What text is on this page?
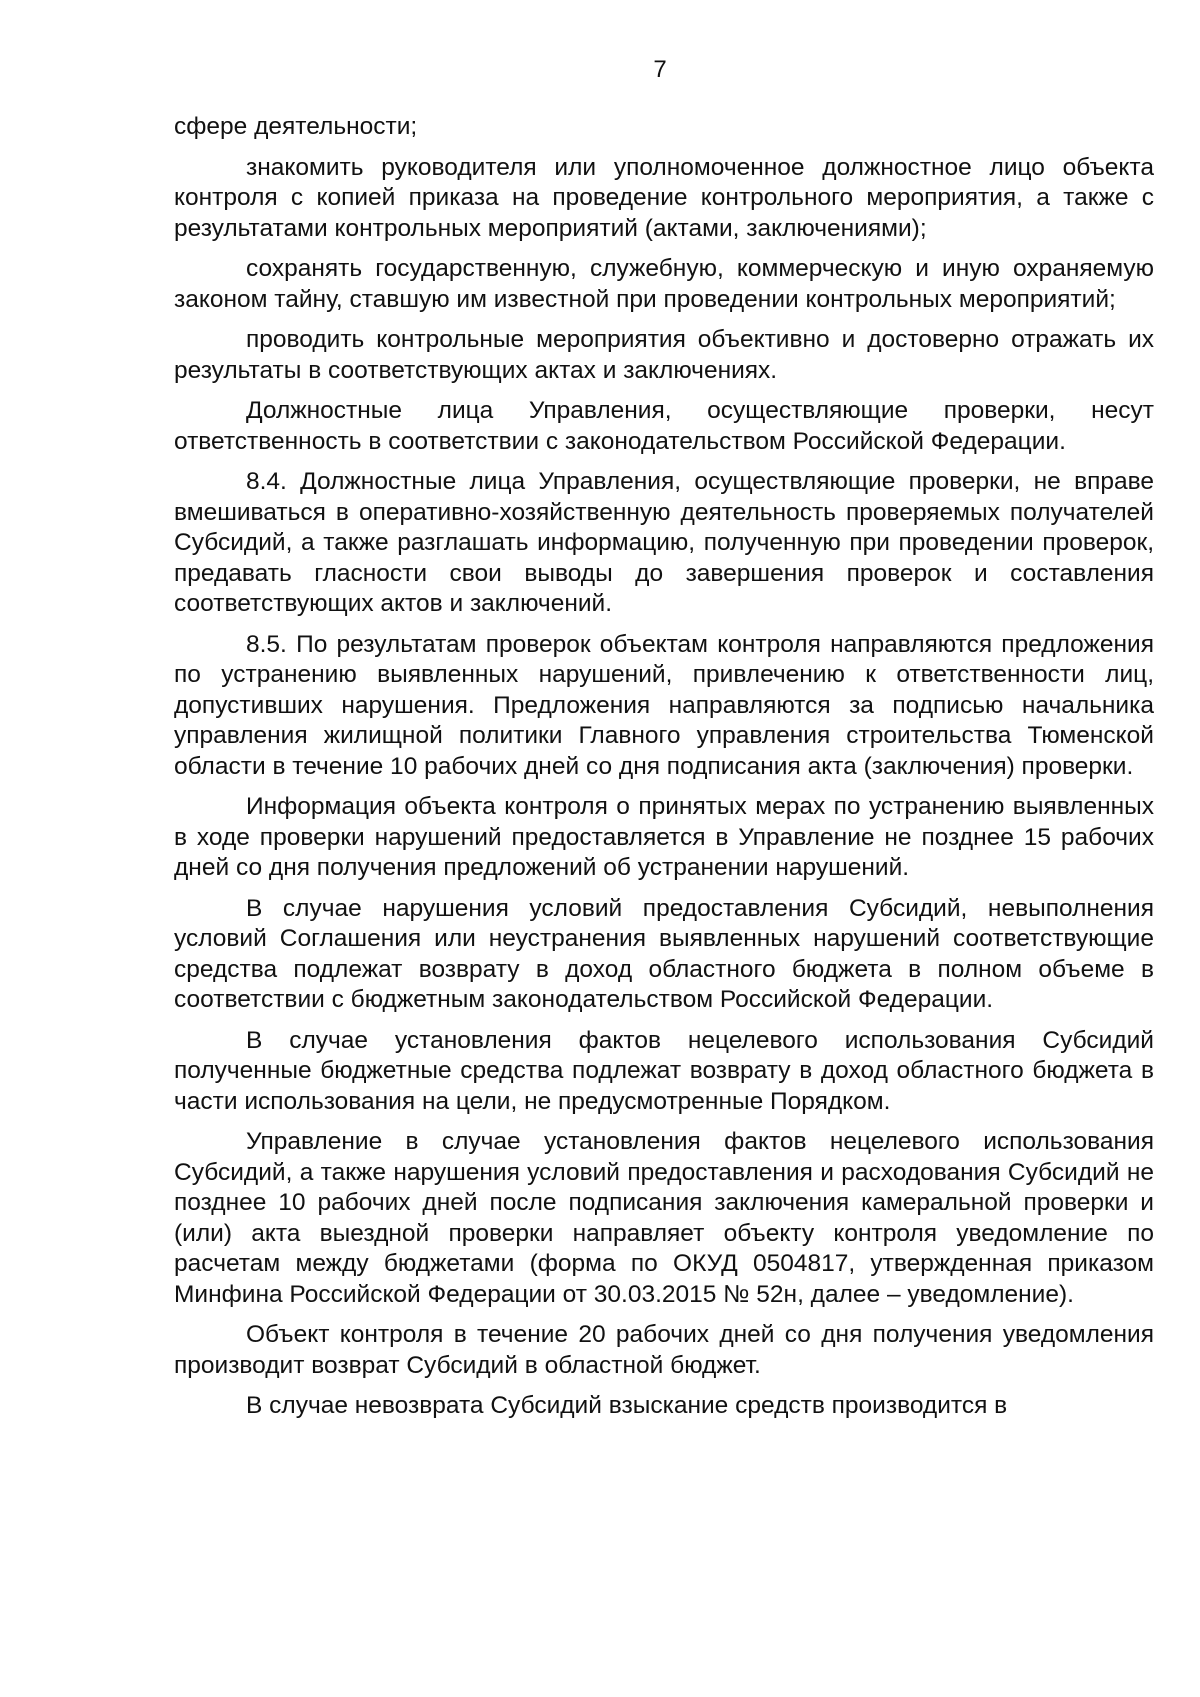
7

сфере деятельности;

знакомить руководителя или уполномоченное должностное лицо объекта контроля с копией приказа на проведение контрольного мероприятия, а также с результатами контрольных мероприятий (актами, заключениями);

сохранять государственную, служебную, коммерческую и иную охраняемую законом тайну, ставшую им известной при проведении контрольных мероприятий;

проводить контрольные мероприятия объективно и достоверно отражать их результаты в соответствующих актах и заключениях.

Должностные лица Управления, осуществляющие проверки, несут ответственность в соответствии с законодательством Российской Федерации.

8.4. Должностные лица Управления, осуществляющие проверки, не вправе вмешиваться в оперативно-хозяйственную деятельность проверяемых получателей Субсидий, а также разглашать информацию, полученную при проведении проверок, предавать гласности свои выводы до завершения проверок и составления соответствующих актов и заключений.

8.5. По результатам проверок объектам контроля направляются предложения по устранению выявленных нарушений, привлечению к ответственности лиц, допустивших нарушения. Предложения направляются за подписью начальника управления жилищной политики Главного управления строительства Тюменской области в течение 10 рабочих дней со дня подписания акта (заключения) проверки.

Информация объекта контроля о принятых мерах по устранению выявленных в ходе проверки нарушений предоставляется в Управление не позднее 15 рабочих дней со дня получения предложений об устранении нарушений.

В случае нарушения условий предоставления Субсидий, невыполнения условий Соглашения или неустранения выявленных нарушений соответствующие средства подлежат возврату в доход областного бюджета в полном объеме в соответствии с бюджетным законодательством Российской Федерации.

В случае установления фактов нецелевого использования Субсидий полученные бюджетные средства подлежат возврату в доход областного бюджета в части использования на цели, не предусмотренные Порядком.

Управление в случае установления фактов нецелевого использования Субсидий, а также нарушения условий предоставления и расходования Субсидий не позднее 10 рабочих дней после подписания заключения камеральной проверки и (или) акта выездной проверки направляет объекту контроля уведомление по расчетам между бюджетами (форма по ОКУД 0504817, утвержденная приказом Минфина Российской Федерации от 30.03.2015 № 52н, далее – уведомление).

Объект контроля в течение 20 рабочих дней со дня получения уведомления производит возврат Субсидий в областной бюджет.

В случае невозврата Субсидий взыскание средств производится в
